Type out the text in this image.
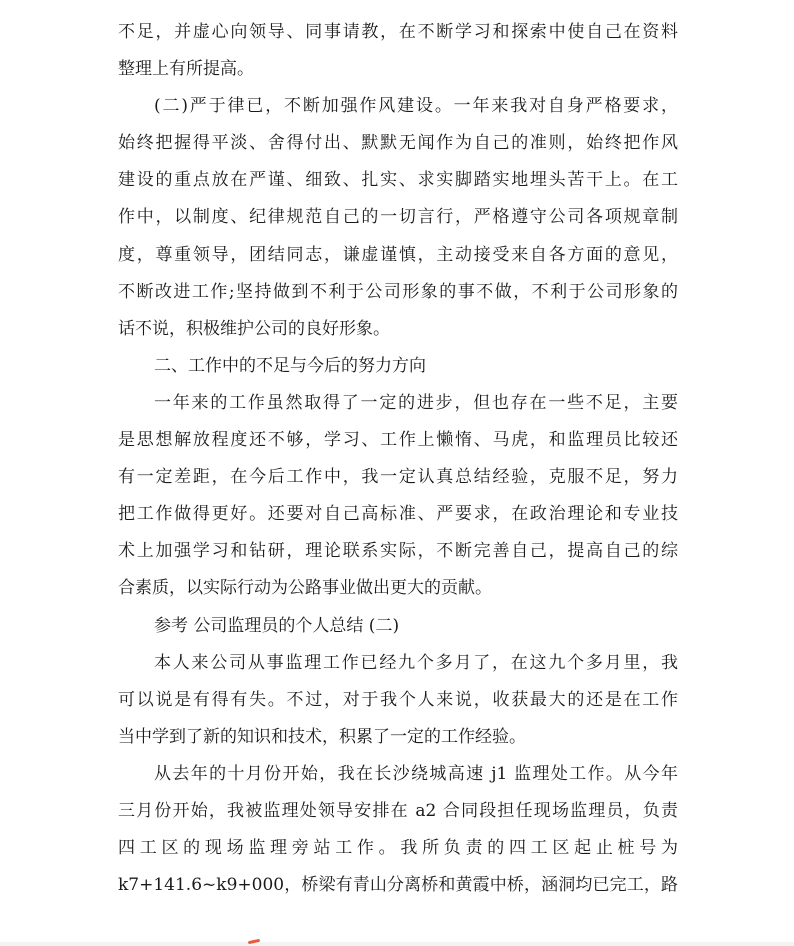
不足，并虚心向领导、同事请教，在不断学习和探索中使自己在资料
整理上有所提高。
(二)严于律已，不断加强作风建设。一年来我对自身严格要求，
始终把握得平淡、舍得付出、默默无闻作为自己的准则，始终把作风
建设的重点放在严谨、细致、扎实、求实脚踏实地埋头苦干上。在工
作中，以制度、纪律规范自己的一切言行，严格遵守公司各项规章制
度，尊重领导，团结同志，谦虚谨慎，主动接受来自各方面的意见，
不断改进工作;坚持做到不利于公司形象的事不做，不利于公司形象的
话不说，积极维护公司的良好形象。
二、工作中的不足与今后的努力方向
一年来的工作虽然取得了一定的进步，但也存在一些不足，主要
是思想解放程度还不够，学习、工作上懒惰、马虎，和监理员比较还
有一定差距，在今后工作中，我一定认真总结经验，克服不足，努力
把工作做得更好。还要对自己高标准、严要求，在政治理论和专业技
术上加强学习和钻研，理论联系实际，不断完善自己，提高自己的综
合素质，以实际行动为公路事业做出更大的贡献。
参考 公司监理员的个人总结 (二)
本人来公司从事监理工作已经九个多月了，在这九个多月里，我
可以说是有得有失。不过，对于我个人来说，收获最大的还是在工作
当中学到了新的知识和技术，积累了一定的工作经验。
从去年的十月份开始，我在长沙绕城高速 j1 监理处工作。从今年
三月份开始，我被监理处领导安排在 a2 合同段担任现场监理员，负责
四工区的现场监理旁站工作。我所负责的四工区起止桩号为
k7+141.6~k9+000，桥梁有青山分离桥和黄霞中桥，涵洞均已完工，路
